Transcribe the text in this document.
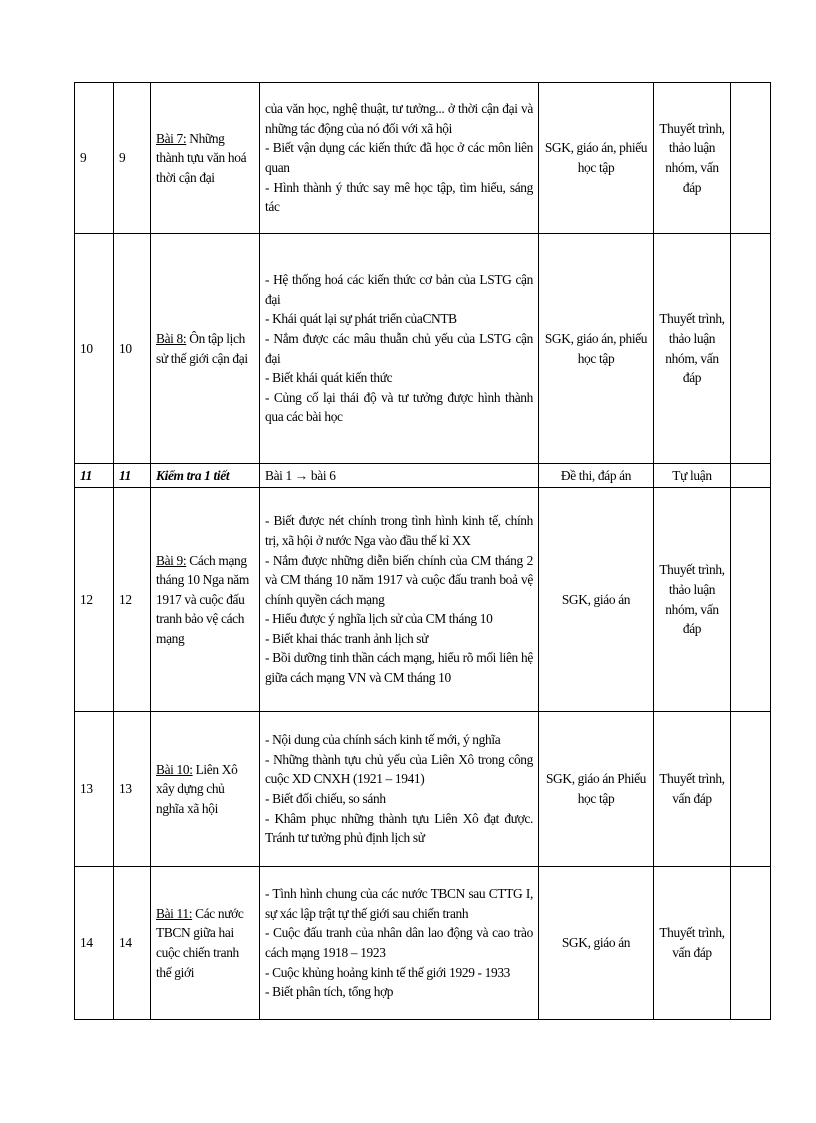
9	9	Bài 7: Những thành tựu văn hoá thời cận đại	của văn học, nghệ thuật, tư tưởng... ở thời cận đại và những tác động của nó đối với xã hội
- Biết vận dụng các kiến thức đã học ở các môn liên quan
- Hình thành ý thức say mê học tập, tìm hiểu, sáng tác	SGK, giáo án, phiếu học tập	Thuyết trình, thảo luận nhóm, vấn đáp	
10	10	Bài 8: Ôn tập lịch sử thế giới cận đại	- Hệ thống hoá các kiến thức cơ bản của LSTG cận đại
- Khái quát lại sự phát triển củaCNTB
- Nắm được các mâu thuẫn chủ yếu của LSTG cận đại
- Biết khái quát kiến thức
- Củng cố lại thái độ và tư tưởng được hình thành qua các bài học	SGK, giáo án, phiếu học tập	Thuyết trình, thảo luận nhóm, vấn đáp	
11	11	Kiểm tra 1 tiết	Bài 1 → bài 6	Đề thi, đáp án	Tự luận	
12	12	Bài 9: Cách mạng tháng 10 Nga năm 1917 và cuộc đấu tranh bảo vệ cách mạng	- Biết được nét chính trong tình hình kinh tế, chính trị, xã hội ở nước Nga vào đầu thế kỉ XX
- Nắm được những diễn biến chính của CM tháng 2 và CM tháng 10 năm 1917 và cuộc đấu tranh boả vệ chính quyền cách mạng
- Hiểu được ý nghĩa lịch sử của CM tháng 10
- Biết khai thác tranh ảnh lịch sử
- Bồi dưỡng tinh thần cách mạng, hiểu rõ mối liên hệ giữa cách mạng VN và CM tháng 10	SGK, giáo án	Thuyết trình, thảo luận nhóm, vấn đáp	
13	13	Bài 10: Liên Xô xây dựng chủ nghĩa xã hội	- Nội dung của chính sách kinh tế mới, ý nghĩa
- Những thành tựu chủ yếu của Liên Xô trong công cuộc XD CNXH (1921 – 1941)
- Biết đối chiếu, so sánh
- Khâm phục những thành tựu Liên Xô đạt được. Tránh tư tưởng phủ định lịch sử	SGK, giáo án Phiếu học tập	Thuyết trình, vấn đáp	
14	14	Bài 11: Các nước TBCN giữa hai cuộc chiến tranh thế giới	- Tình hình chung của các nước TBCN sau CTTG I, sự xác lập trật tự thế giới sau chiến tranh
- Cuộc đấu tranh của nhân dân lao động và cao trào cách mạng 1918 – 1923
- Cuộc khủng hoảng kinh tế thế giới 1929 - 1933
- Biết phân tích, tổng hợp	SGK, giáo án	Thuyết trình, vấn đáp	
